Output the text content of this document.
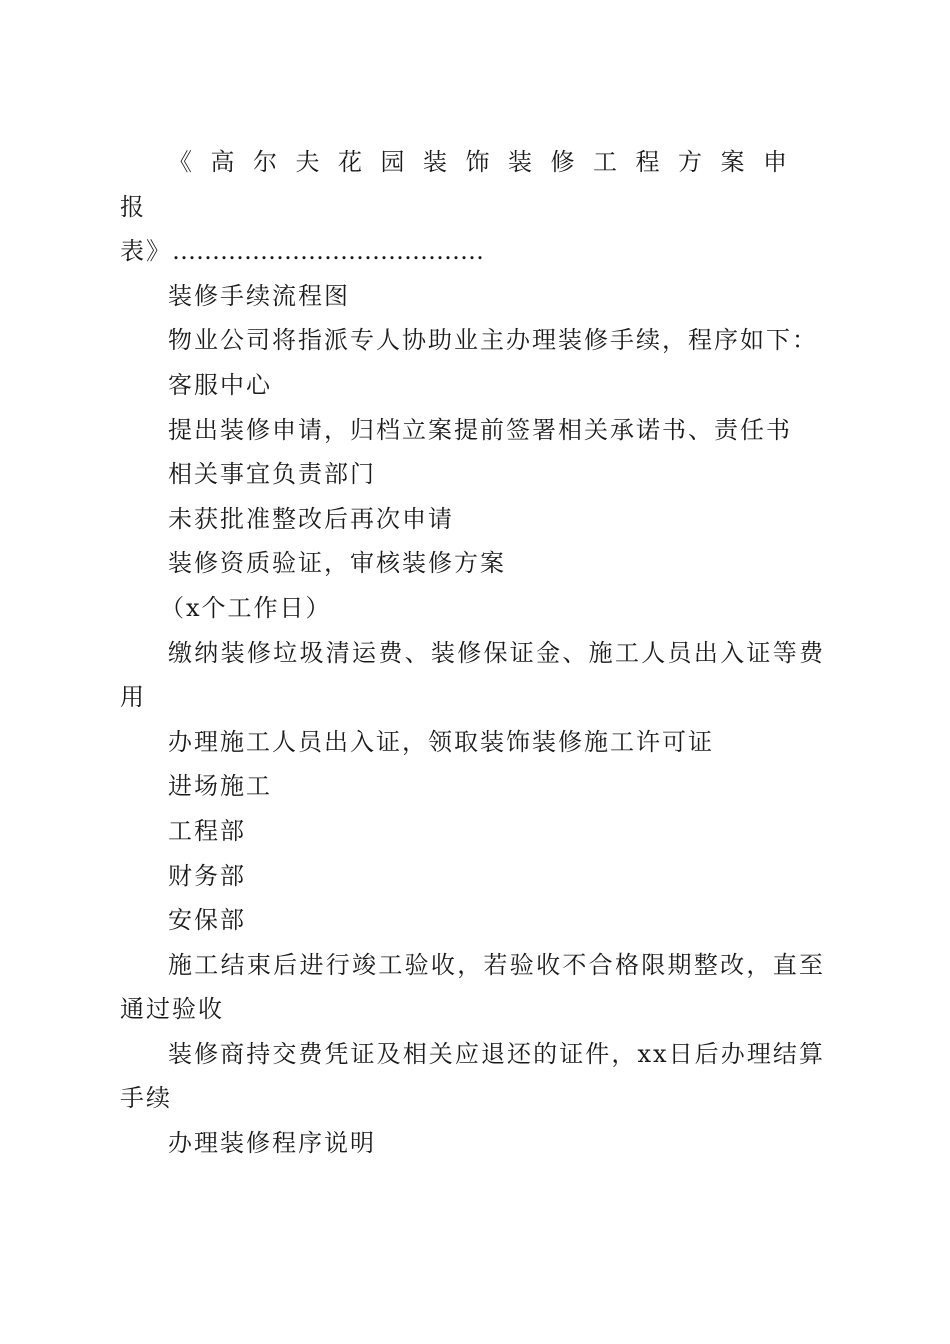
《高尔夫花园装饰装修工程方案申报

表》…………………………………

装修手续流程图

物业公司将指派专人协助业主办理装修手续，程序如下：

客服中心

提出装修申请，归档立案提前签署相关承诺书、责任书

相关事宜负责部门

未获批准整改后再次申请

装修资质验证，审核装修方案

（x个工作日）

缴纳装修垃圾清运费、装修保证金、施工人员出入证等费用

办理施工人员出入证，领取装饰装修施工许可证

进场施工

工程部

财务部

安保部

施工结束后进行竣工验收，若验收不合格限期整改，直至通过验收

装修商持交费凭证及相关应退还的证件，xx日后办理结算手续

办理装修程序说明
